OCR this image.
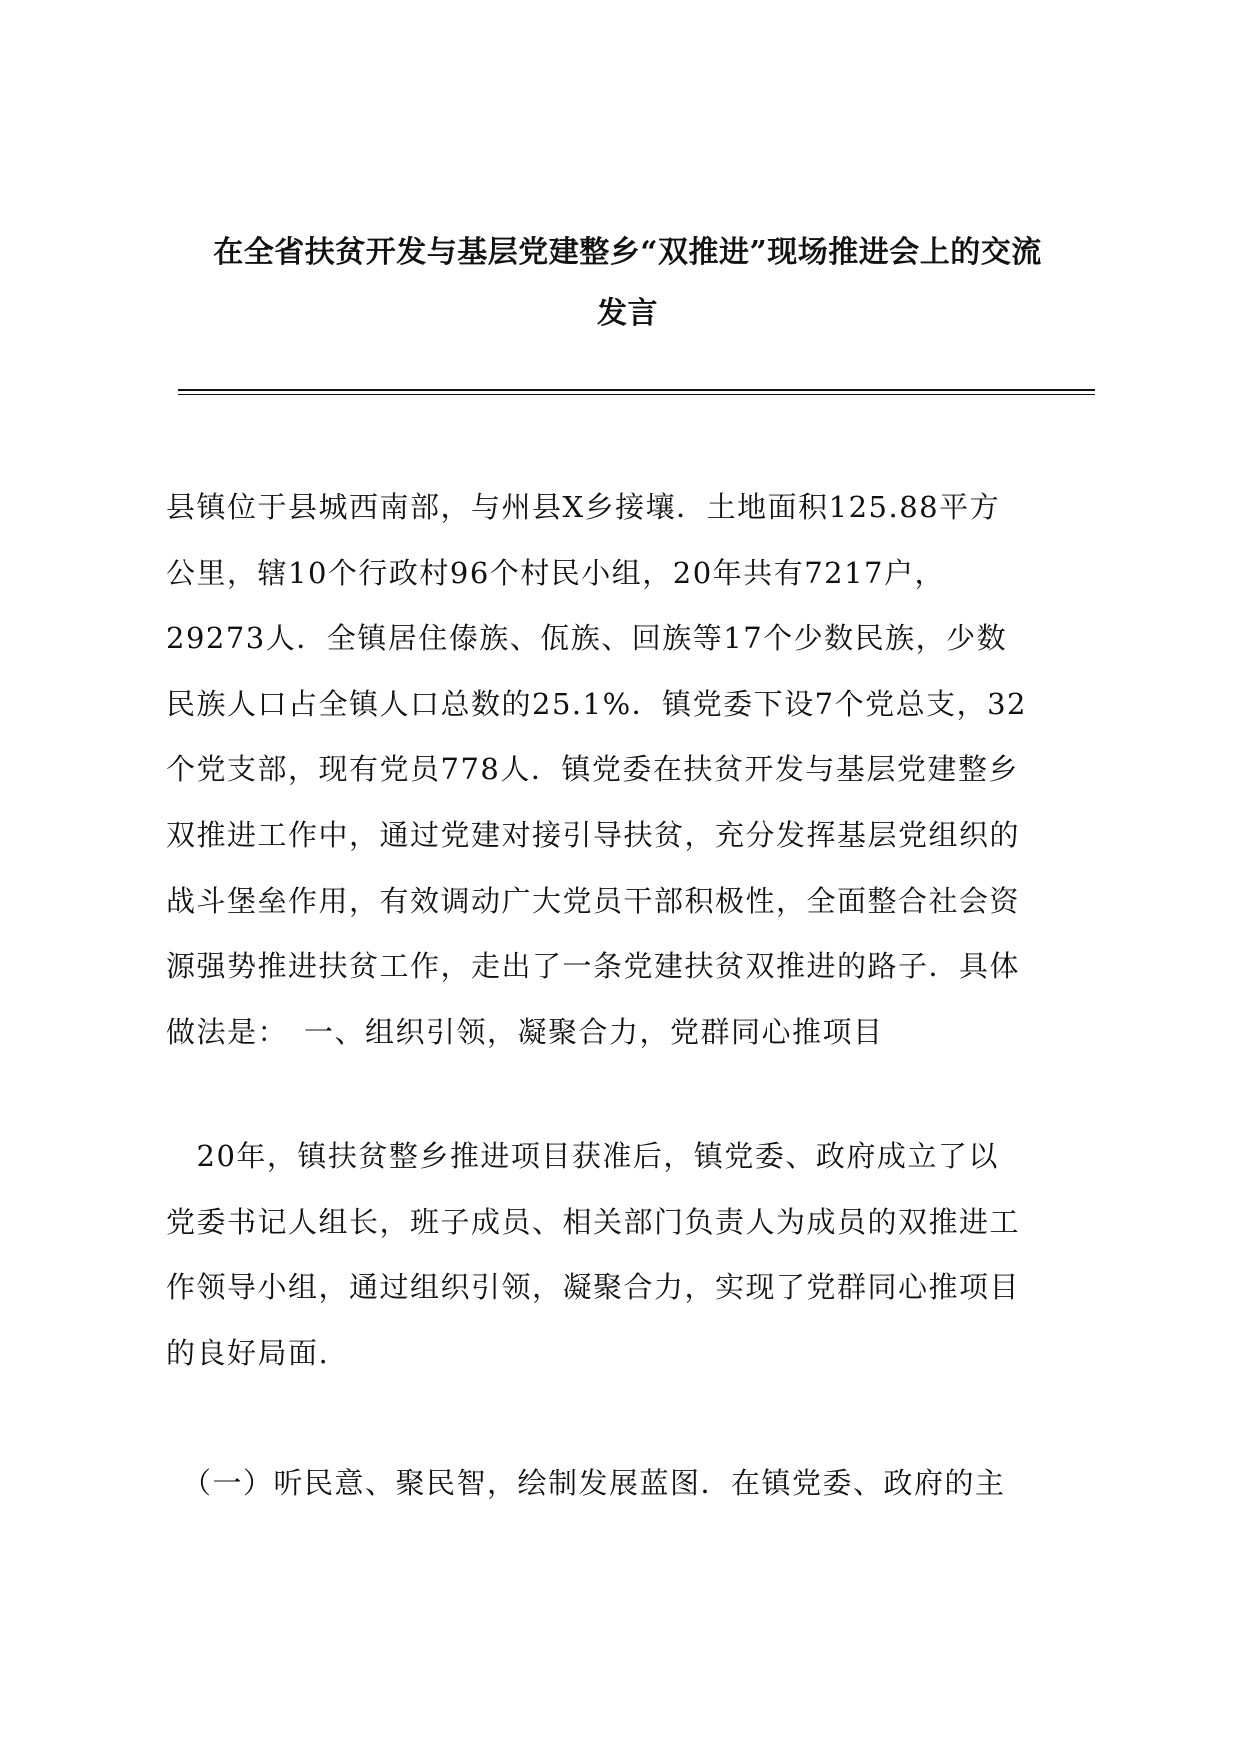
在全省扶贫开发与基层党建整乡“双推进”现场推进会上的交流
发言
县镇位于县城西南部，与州县X乡接壤．土地面积125.88平方
公里，辖10个行政村96个村民小组，20年共有7217户，
29273人．全镇居住傣族、佤族、回族等17个少数民族，少数
民族人口占全镇人口总数的25.1%．镇党委下设7个党总支，32
个党支部，现有党员778人．镇党委在扶贫开发与基层党建整乡
双推进工作中，通过党建对接引导扶贫，充分发挥基层党组织的
战斗堡垒作用，有效调动广大党员干部积极性，全面整合社会资
源强势推进扶贫工作，走出了一条党建扶贫双推进的路子．具体
做法是：　一、组织引领，凝聚合力，党群同心推项目
　20年，镇扶贫整乡推进项目获准后，镇党委、政府成立了以
党委书记人组长，班子成员、相关部门负责人为成员的双推进工
作领导小组，通过组织引领，凝聚合力，实现了党群同心推项目
的良好局面.
　（一）听民意、聚民智，绘制发展蓝图．在镇党委、政府的主
